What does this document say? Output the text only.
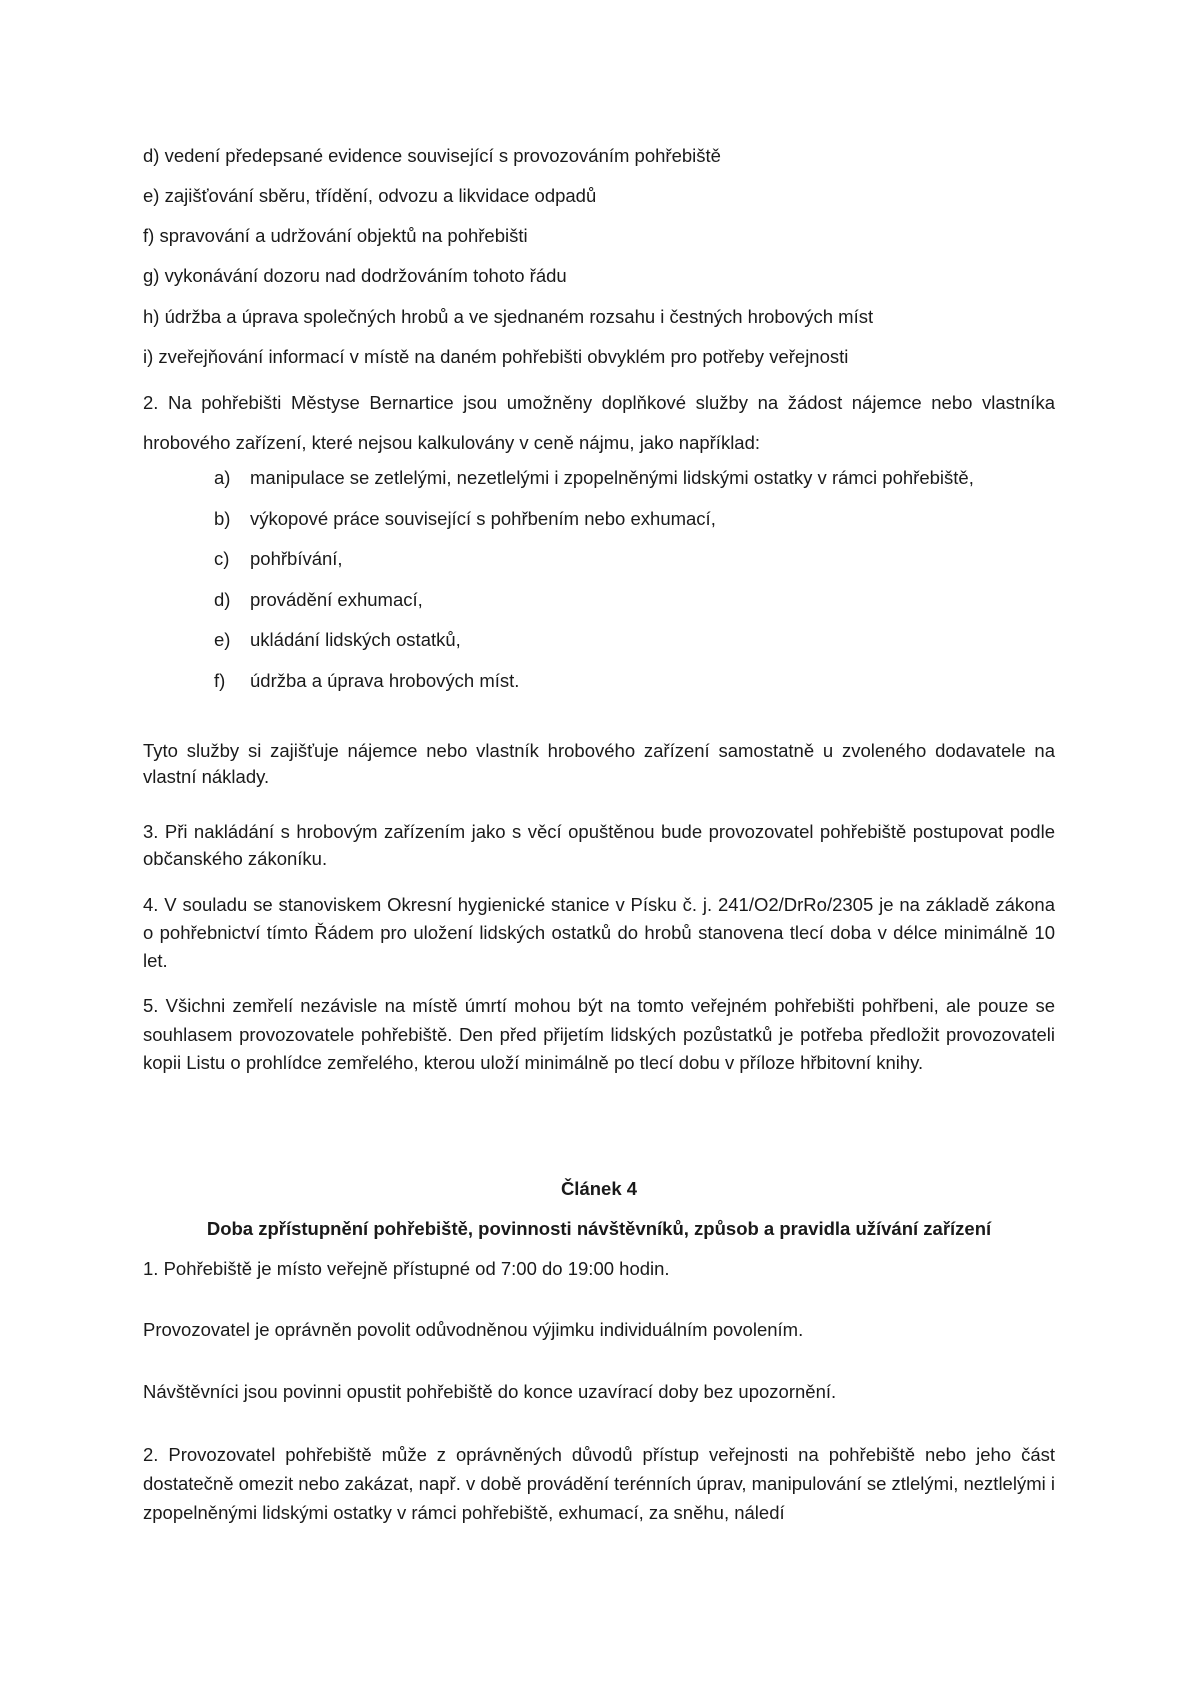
d) vedení předepsané evidence související s provozováním pohřebiště
e) zajišťování sběru, třídění, odvozu a likvidace odpadů
f) spravování a udržování objektů na pohřebišti
g) vykonávání dozoru nad dodržováním tohoto řádu
h) údržba a úprava společných hrobů a ve sjednaném rozsahu i čestných hrobových míst
i) zveřejňování informací v místě na daném pohřebišti obvyklém pro potřeby veřejnosti
2. Na pohřebišti Městyse Bernartice jsou umožněny doplňkové služby na žádost nájemce nebo vlastníka hrobového zařízení, které nejsou kalkulovány v ceně nájmu, jako například:
a) manipulace se zetlelými, nezetlelými i zpopelněnými lidskými ostatky v rámci pohřebiště,
b) výkopové práce související s pohřbením nebo exhumací,
c) pohřbívání,
d) provádění exhumací,
e) ukládání lidských ostatků,
f) údržba a úprava hrobových míst.
Tyto služby si zajišťuje nájemce nebo vlastník hrobového zařízení samostatně u zvoleného dodavatele na vlastní náklady.
3. Při nakládání s hrobovým zařízením jako s věcí opuštěnou bude provozovatel pohřebiště postupovat podle občanského zákoníku.
4. V souladu se stanoviskem Okresní hygienické stanice v Písku č. j. 241/O2/DrRo/2305 je na základě zákona o pohřebnictví tímto Řádem pro uložení lidských ostatků do hrobů stanovena tlecí doba v délce minimálně 10 let.
5. Všichni zemřelí nezávisle na místě úmrtí mohou být na tomto veřejném pohřebišti pohřbeni, ale pouze se souhlasem provozovatele pohřebiště. Den před přijetím lidských pozůstatků je potřeba předložit provozovateli kopii Listu o prohlídce zemřelého, kterou uloží minimálně po tlecí dobu v příloze hřbitovní knihy.
Článek 4
Doba zpřístupnění pohřebiště, povinnosti návštěvníků, způsob a pravidla užívání zařízení
1. Pohřebiště je místo veřejně přístupné od 7:00 do 19:00 hodin.
Provozovatel je oprávněn povolit odůvodněnou výjimku individuálním povolením.
Návštěvníci jsou povinni opustit pohřebiště do konce uzavírací doby bez upozornění.
2. Provozovatel pohřebiště může z oprávněných důvodů přístup veřejnosti na pohřebiště nebo jeho část dostatečně omezit nebo zakázat, např. v době provádění terénních úprav, manipulování se ztlelými, neztlelými i zpopelněnými lidskými ostatky v rámci pohřebiště, exhumací, za sněhu, náledí
